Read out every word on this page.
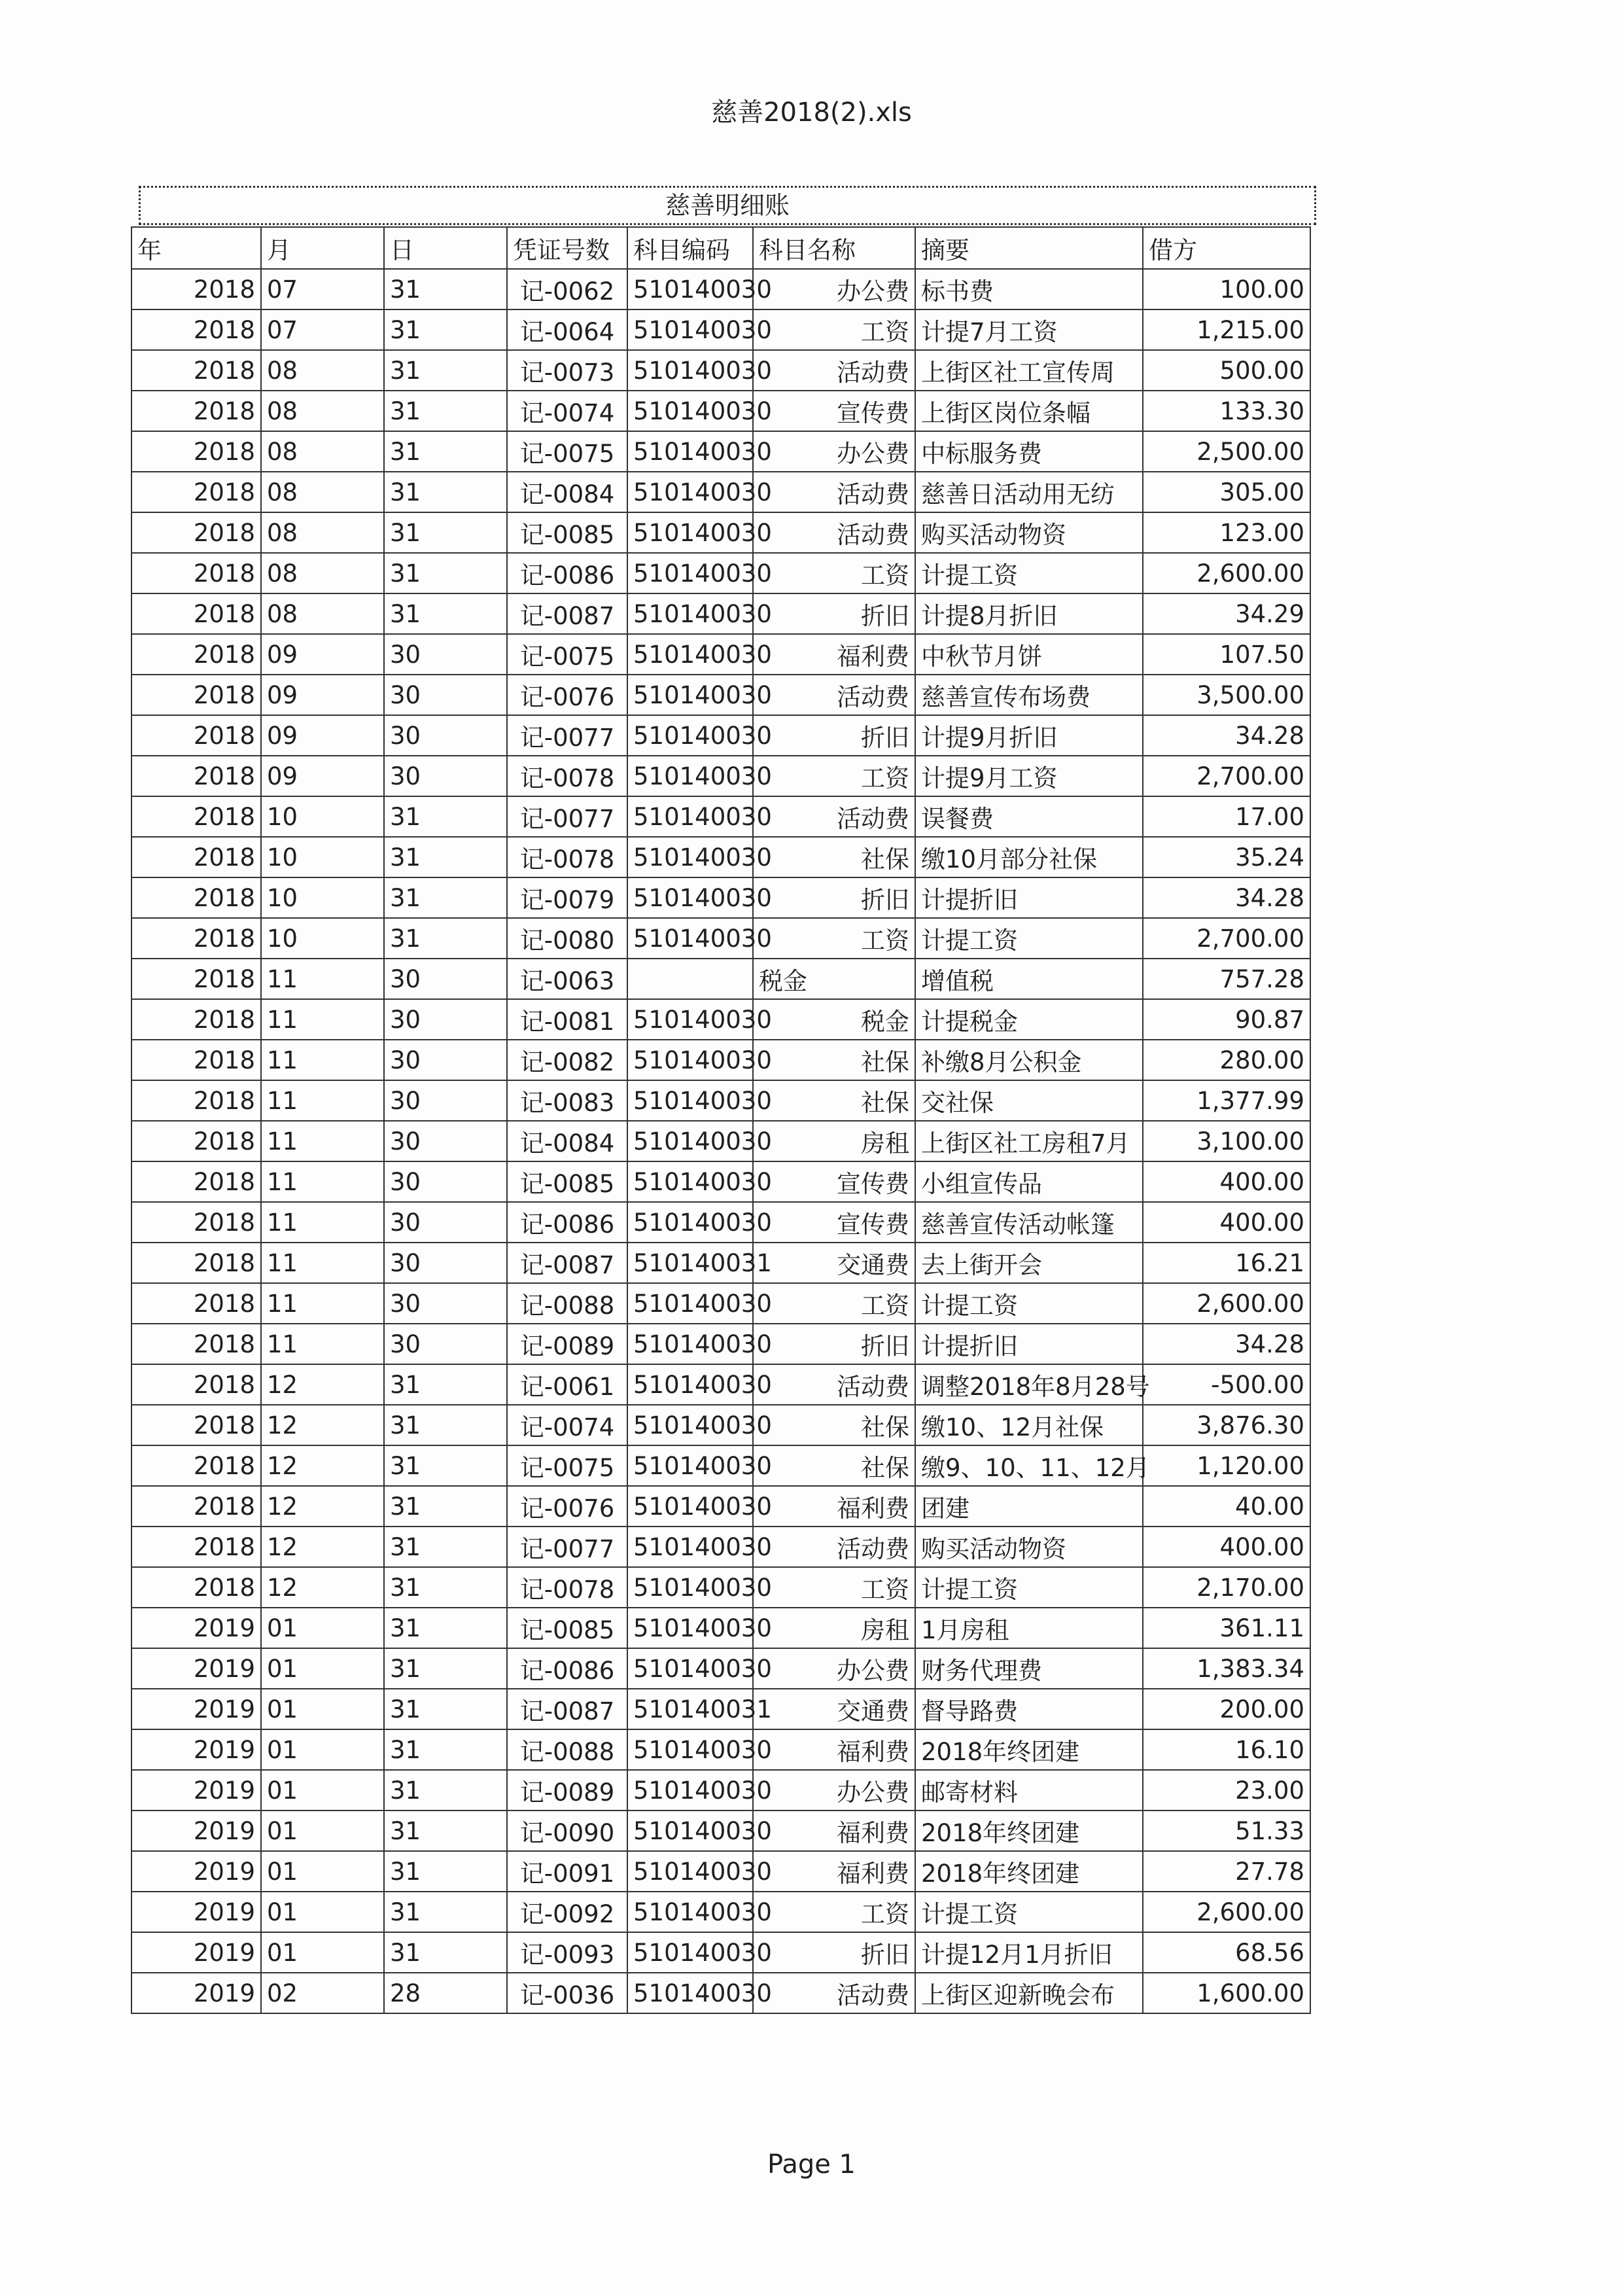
慈善2018(2).xls
慈善明细账
年	月	日	凭证号数	科目编码	科目名称	摘要	借方
2018	07	31	记-0062	510140030	办公费	标书费	100.00
2018	07	31	记-0064	510140030	工资	计提7月工资	1,215.00
2018	08	31	记-0073	510140030	活动费	上街区社工宣传周	500.00
2018	08	31	记-0074	510140030	宣传费	上街区岗位条幅	133.30
2018	08	31	记-0075	510140030	办公费	中标服务费	2,500.00
2018	08	31	记-0084	510140030	活动费	慈善日活动用无纺	305.00
2018	08	31	记-0085	510140030	活动费	购买活动物资	123.00
2018	08	31	记-0086	510140030	工资	计提工资	2,600.00
2018	08	31	记-0087	510140030	折旧	计提8月折旧	34.29
2018	09	30	记-0075	510140030	福利费	中秋节月饼	107.50
2018	09	30	记-0076	510140030	活动费	慈善宣传布场费	3,500.00
2018	09	30	记-0077	510140030	折旧	计提9月折旧	34.28
2018	09	30	记-0078	510140030	工资	计提9月工资	2,700.00
2018	10	31	记-0077	510140030	活动费	误餐费	17.00
2018	10	31	记-0078	510140030	社保	缴10月部分社保	35.24
2018	10	31	记-0079	510140030	折旧	计提折旧	34.28
2018	10	31	记-0080	510140030	工资	计提工资	2,700.00
2018	11	30	记-0063		税金	增值税	757.28
2018	11	30	记-0081	510140030	税金	计提税金	90.87
2018	11	30	记-0082	510140030	社保	补缴8月公积金	280.00
2018	11	30	记-0083	510140030	社保	交社保	1,377.99
2018	11	30	记-0084	510140030	房租	上街区社工房租7月	3,100.00
2018	11	30	记-0085	510140030	宣传费	小组宣传品	400.00
2018	11	30	记-0086	510140030	宣传费	慈善宣传活动帐篷	400.00
2018	11	30	记-0087	510140031	交通费	去上街开会	16.21
2018	11	30	记-0088	510140030	工资	计提工资	2,600.00
2018	11	30	记-0089	510140030	折旧	计提折旧	34.28
2018	12	31	记-0061	510140030	活动费	调整2018年8月28号	-500.00
2018	12	31	记-0074	510140030	社保	缴10、12月社保	3,876.30
2018	12	31	记-0075	510140030	社保	缴9、10、11、12月	1,120.00
2018	12	31	记-0076	510140030	福利费	团建	40.00
2018	12	31	记-0077	510140030	活动费	购买活动物资	400.00
2018	12	31	记-0078	510140030	工资	计提工资	2,170.00
2019	01	31	记-0085	510140030	房租	1月房租	361.11
2019	01	31	记-0086	510140030	办公费	财务代理费	1,383.34
2019	01	31	记-0087	510140031	交通费	督导路费	200.00
2019	01	31	记-0088	510140030	福利费	2018年终团建	16.10
2019	01	31	记-0089	510140030	办公费	邮寄材料	23.00
2019	01	31	记-0090	510140030	福利费	2018年终团建	51.33
2019	01	31	记-0091	510140030	福利费	2018年终团建	27.78
2019	01	31	记-0092	510140030	工资	计提工资	2,600.00
2019	01	31	记-0093	510140030	折旧	计提12月1月折旧	68.56
2019	02	28	记-0036	510140030	活动费	上街区迎新晚会布	1,600.00
Page 1
